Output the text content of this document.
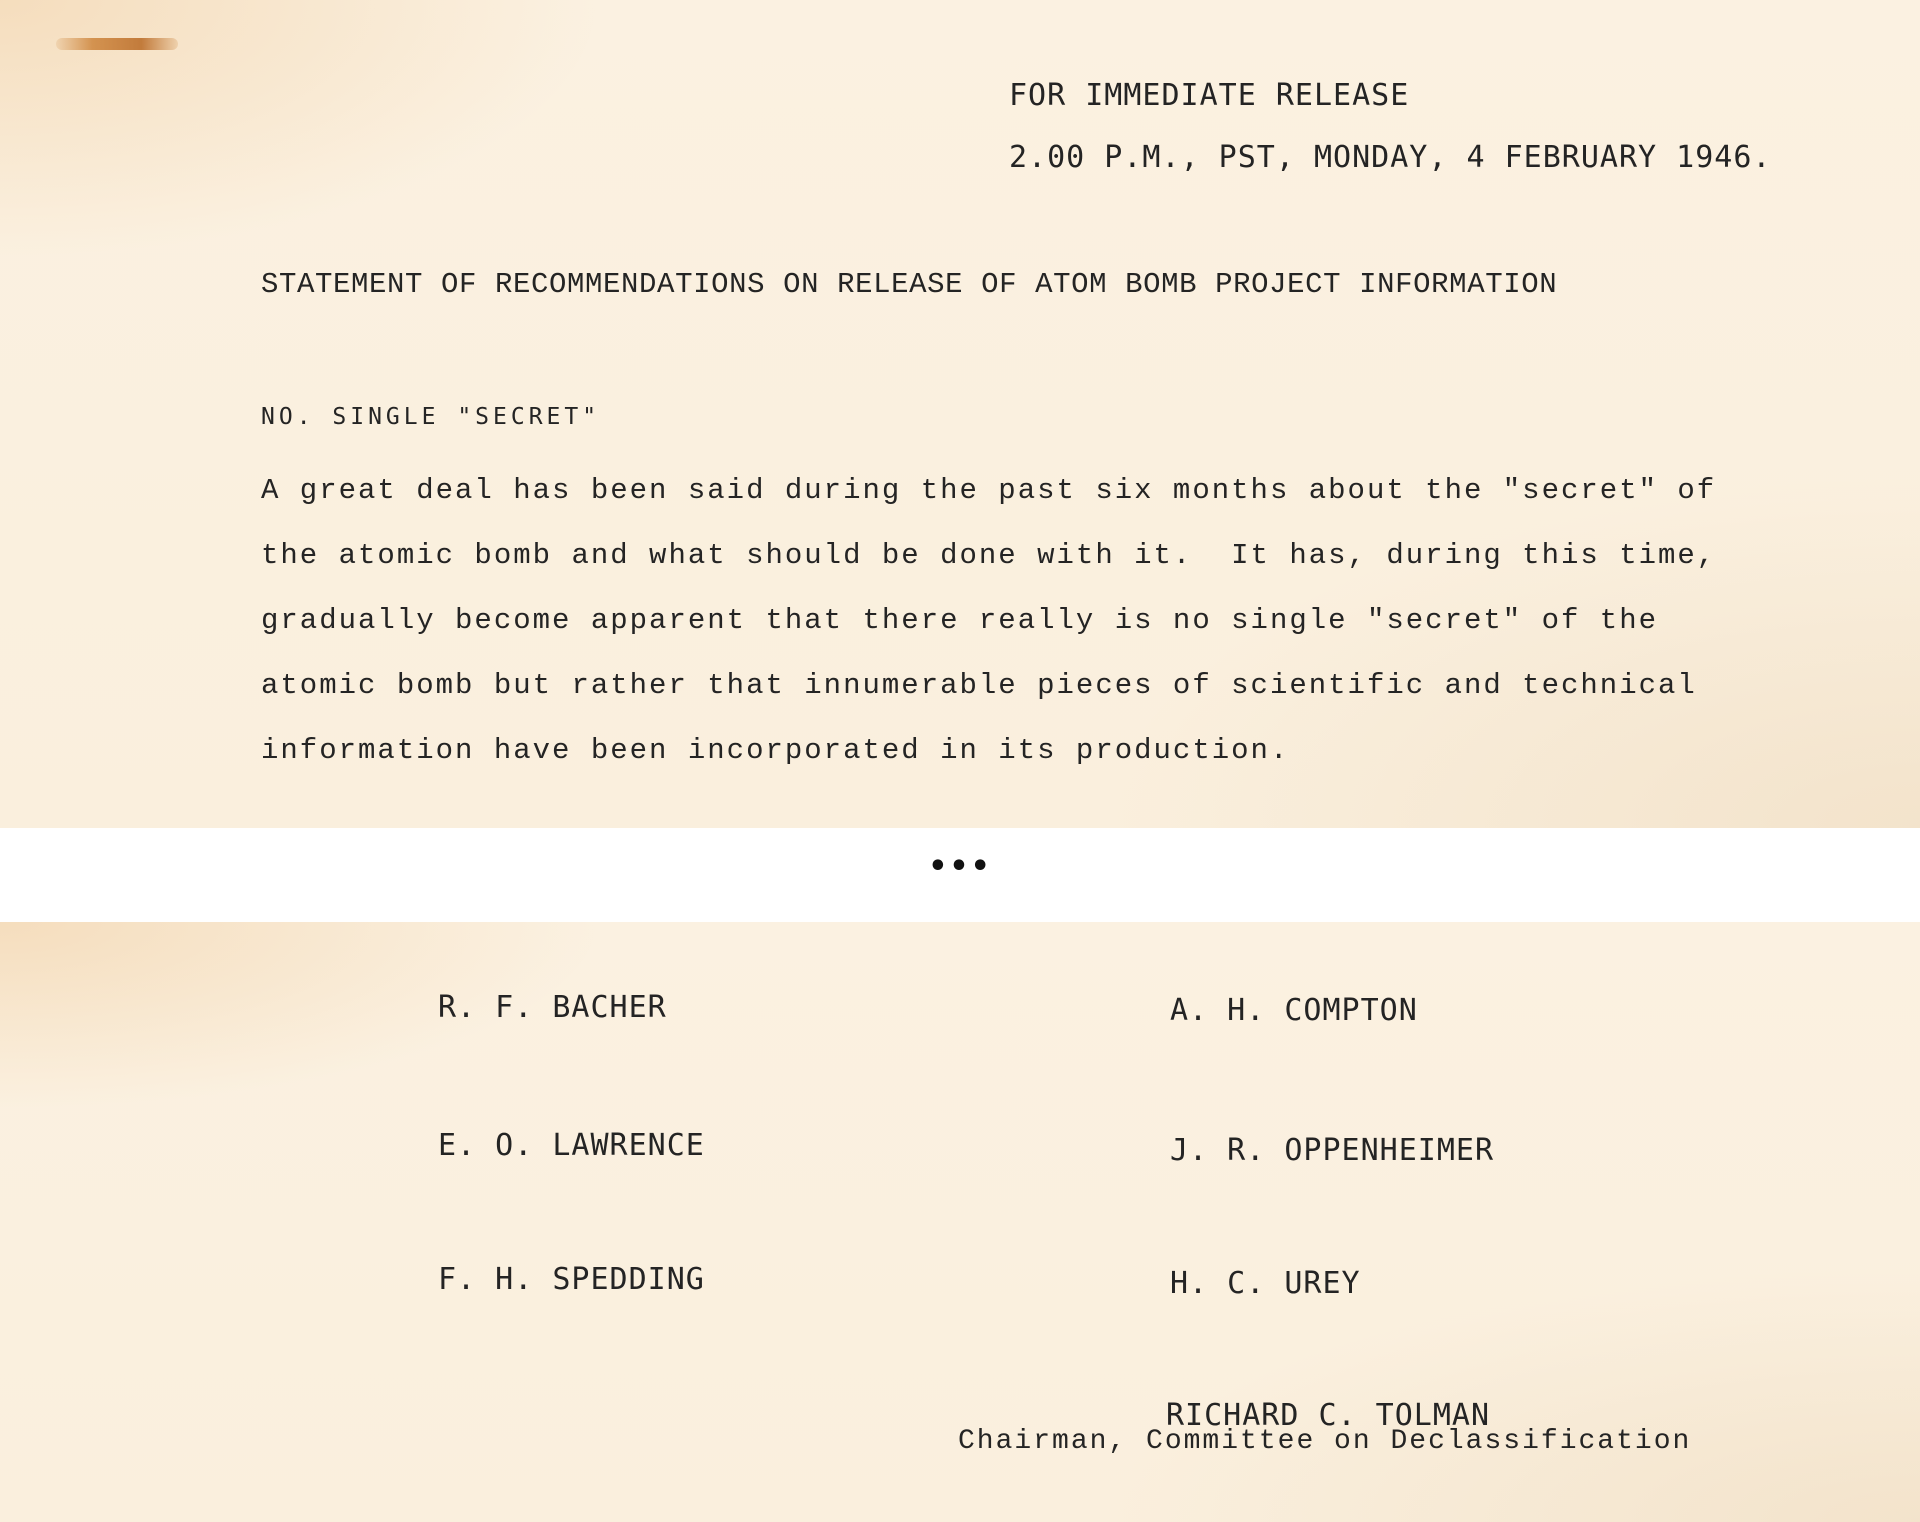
FOR IMMEDIATE RELEASE
2.00 P.M., PST, MONDAY, 4 FEBRUARY 1946.
STATEMENT OF RECOMMENDATIONS ON RELEASE OF ATOM BOMB PROJECT INFORMATION
NO. SINGLE "SECRET"

A great deal has been said during the past six months about the "secret" of

the atomic bomb and what should be done with it.  It has, during this time,

gradually become apparent that there really is no single "secret" of the

atomic bomb but rather that innumerable pieces of scientific and technical

information have been incorporated in its production.

•••
R. F. BACHER	A. H. COMPTON
E. O. LAWRENCE	J. R. OPPENHEIMER
F. H. SPEDDING	H. C. UREY
RICHARD C. TOLMAN
Chairman, Committee on Declassification
